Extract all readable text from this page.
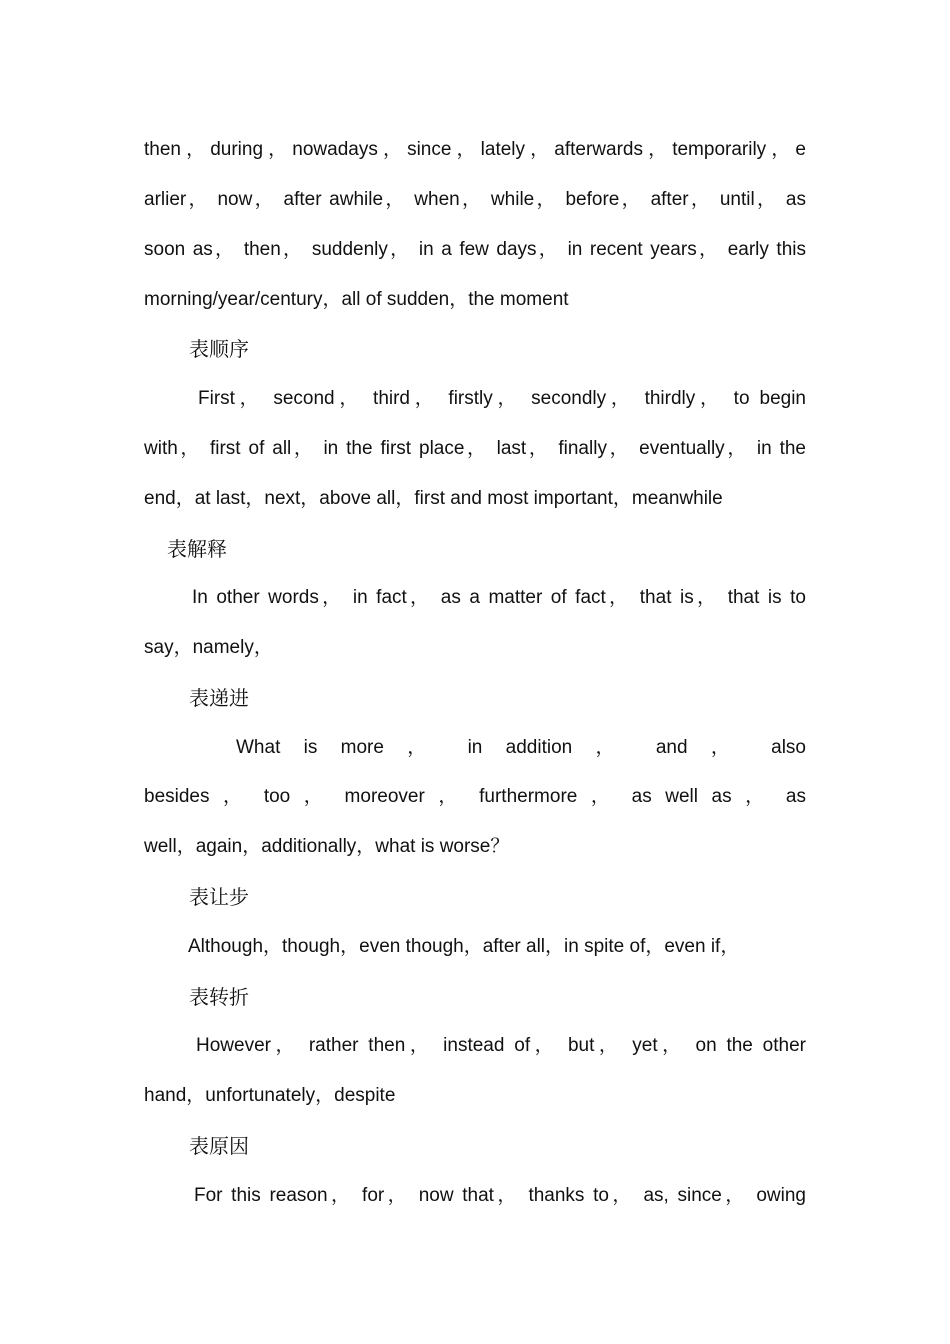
then，during，nowadays，since，lately，afterwards，temporarily，e
arlier， now， after awhile， when， while， before， after， until， as
soon as， then， suddenly， in a few days， in recent years， early this
morning/year/century，all of sudden，the moment
表顺序
First， second， third， firstly， secondly， thirdly， to begin
with， first of all， in the first place， last， finally， eventually， in the
end，at last，next，above all，first and most important，meanwhile
表解释
In other words， in fact， as a matter of fact， that is， that is to
say，namely，
表递进
What is more ， in addition ， and ， also
besides ， too ， moreover ， furthermore ， as well as ， as
well，again，additionally，what is worse？
表让步
Although，though，even though，after all，in spite of，even if，
表转折
However， rather then， instead of， but， yet， on the other
hand，unfortunately，despite
表原因
For this reason， for， now that， thanks to， as, since， owing
